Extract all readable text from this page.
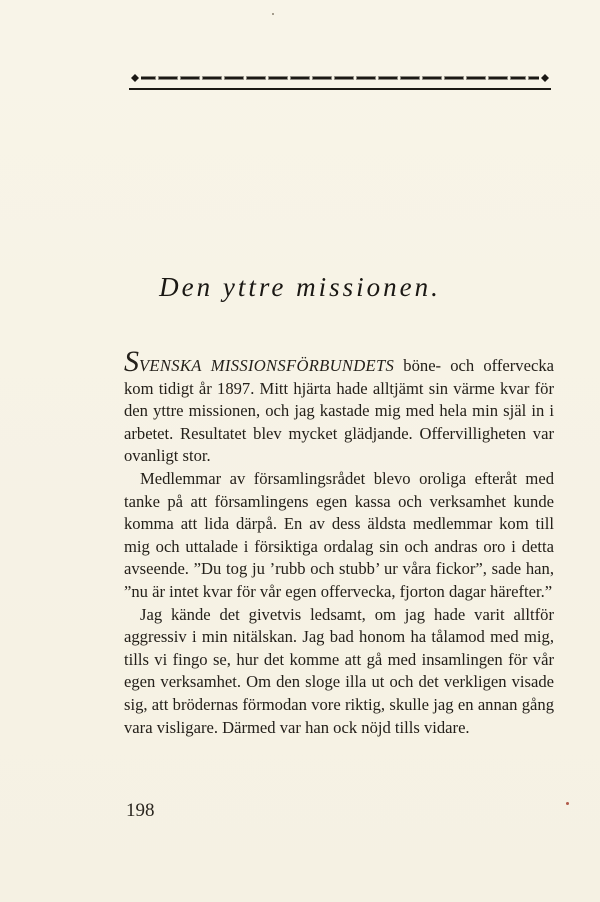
Den yttre missionen.

SVENSKA MISSIONSFÖRBUNDETS böne- och offervecka kom tidigt år 1897. Mitt hjärta hade alltjämt sin värme kvar för den yttre missionen, och jag kastade mig med hela min själ in i arbetet. Resultatet blev mycket glädjande. Offervilligheten var ovanligt stor.

Medlemmar av församlingsrådet blevo oroliga efteråt med tanke på att församlingens egen kassa och verksamhet kunde komma att lida därpå. En av dess äldsta medlemmar kom till mig och uttalade i försiktiga ordalag sin och andras oro i detta avseende. ”Du tog ju ’rubb och stubb’ ur våra fickor”, sade han, ”nu är intet kvar för vår egen offervecka, fjorton dagar härefter.”

Jag kände det givetvis ledsamt, om jag hade varit alltför aggressiv i min nitälskan. Jag bad honom ha tålamod med mig, tills vi fingo se, hur det komme att gå med insamlingen för vår egen verksamhet. Om den sloge illa ut och det verkligen visade sig, att brödernas förmodan vore riktig, skulle jag en annan gång vara visligare. Därmed var han ock nöjd tills vidare.

198
